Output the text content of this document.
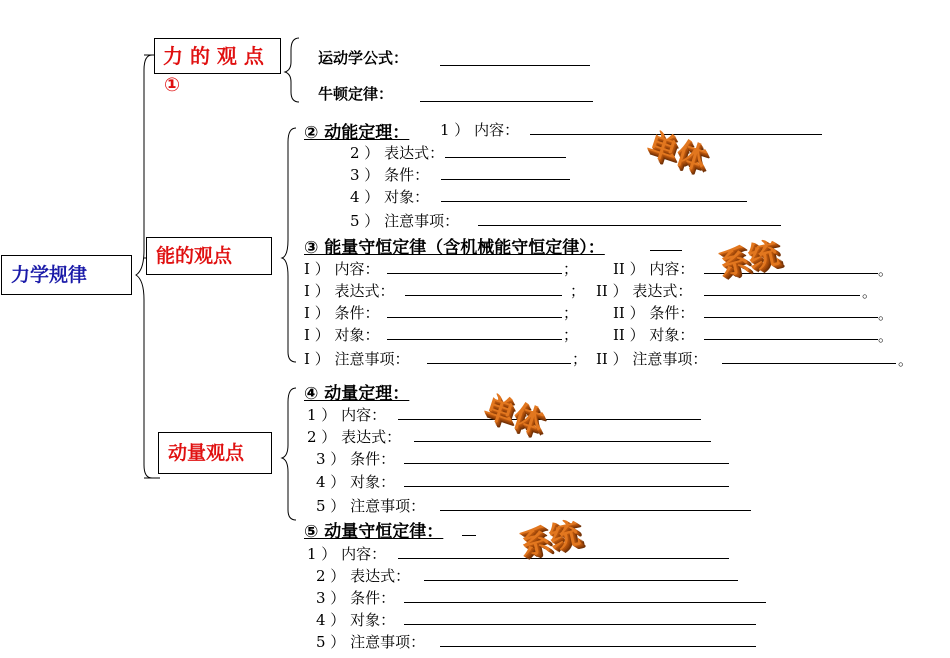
力学规律
力 的 观 点
①
能的观点
动量观点
运动学公式：
牛顿定律：
② 动能定理： 1 ） 内容：
2 ） 表达式：
3 ） 条件：
4 ） 对象：
5 ） 注意事项：
③ 能量守恒定律（含机械能守恒定律）：
I ） 内容：	； II ） 内容：	。
I ） 表达式：	； II ） 表达式：	。
I ） 条件：	； II ） 条件：	。
I ） 对象：	； II ） 对象：	。
I ） 注意事项：	； II ） 注意事项：	。
④ 动量定理：
1 ） 内容：
2 ） 表达式：
3 ） 条件：
4 ） 对象：
5 ） 注意事项：
⑤ 动量守恒定律：
1 ） 内容：
2 ） 表达式：
3 ） 条件：
4 ） 对象：
5 ） 注意事项：
单体
系统
单体
系统
